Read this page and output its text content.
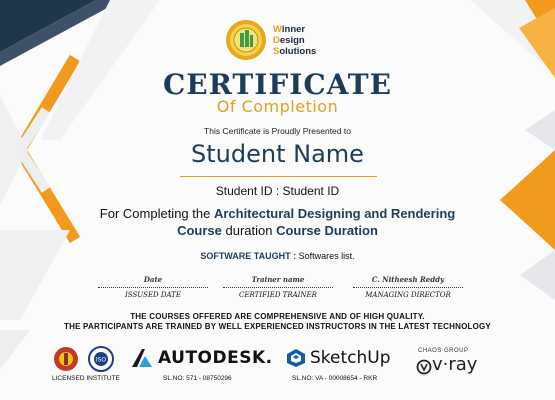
Winner
Design
Solutions
CERTIFICATE
Of Completion
This Certificate is Proudly Presented to
Student Name
Student ID : Student ID
For Completing the Architectural Designing and Rendering
Course duration Course Duration
SOFTWARE TAUGHT : Softwares list.
Date
ISSUSED DATE
Trainer name
CERTIFIED TRAINER
C. Nitheesh Reddy
MANAGING DIRECTOR
THE COURSES OFFERED ARE COMPREHENSIVE AND OF HIGH QUALITY.
THE PARTICIPANTS ARE TRAINED BY WELL EXPERIENCED INSTRUCTORS IN THE LATEST TECHNOLOGY
ISO
LICENSED INSTITUTE
AUTODESK.
SL.NO: 571 - 08750296
SketchUp
SL.NO: VA - 00008654 - RKR
CHAOS GROUP
v·ray
